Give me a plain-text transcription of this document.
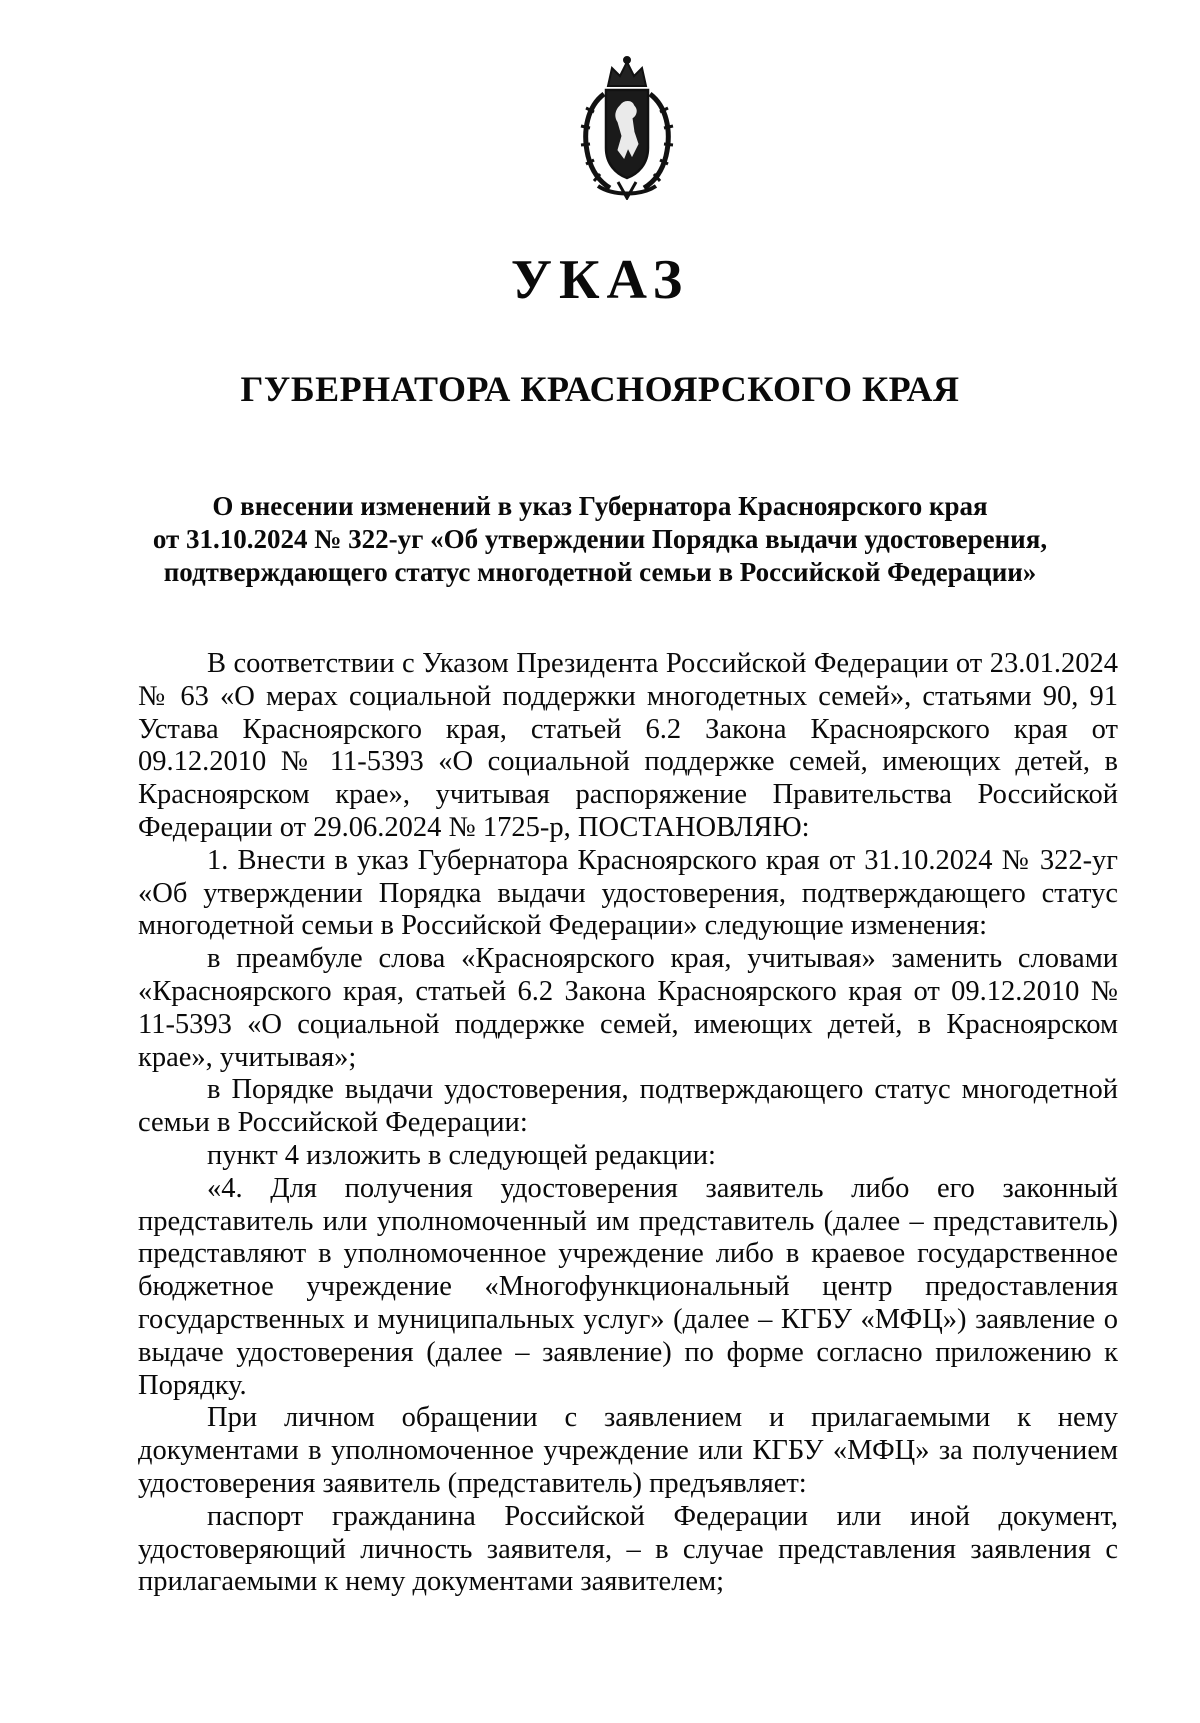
УКАЗ
ГУБЕРНАТОРА КРАСНОЯРСКОГО КРАЯ
О внесении изменений в указ Губернатора Красноярского края
от 31.10.2024 № 322-уг «Об утверждении Порядка выдачи удостоверения,
подтверждающего статус многодетной семьи в Российской Федерации»

В соответствии с Указом Президента Российской Федерации от 23.01.2024 № 63 «О мерах социальной поддержки многодетных семей», статьями 90, 91 Устава Красноярского края, статьей 6.2 Закона Красноярского края от 09.12.2010 № 11-5393 «О социальной поддержке семей, имеющих детей, в Красноярском крае», учитывая распоряжение Правительства Российской Федерации от 29.06.2024 № 1725-р, ПОСТАНОВЛЯЮ:

1. Внести в указ Губернатора Красноярского края от 31.10.2024 № 322-уг «Об утверждении Порядка выдачи удостоверения, подтверждающего статус многодетной семьи в Российской Федерации» следующие изменения:

в преамбуле слова «Красноярского края, учитывая» заменить словами «Красноярского края, статьей 6.2 Закона Красноярского края от 09.12.2010 № 11-5393 «О социальной поддержке семей, имеющих детей, в Красноярском крае», учитывая»;

в Порядке выдачи удостоверения, подтверждающего статус многодетной семьи в Российской Федерации:

пункт 4 изложить в следующей редакции:

«4. Для получения удостоверения заявитель либо его законный представитель или уполномоченный им представитель (далее – представитель) представляют в уполномоченное учреждение либо в краевое государственное бюджетное учреждение «Многофункциональный центр предоставления государственных и муниципальных услуг» (далее – КГБУ «МФЦ») заявление о выдаче удостоверения (далее – заявление) по форме согласно приложению к Порядку.

При личном обращении с заявлением и прилагаемыми к нему документами в уполномоченное учреждение или КГБУ «МФЦ» за получением удостоверения заявитель (представитель) предъявляет:

паспорт гражданина Российской Федерации или иной документ, удостоверяющий личность заявителя, – в случае представления заявления с прилагаемыми к нему документами заявителем;
